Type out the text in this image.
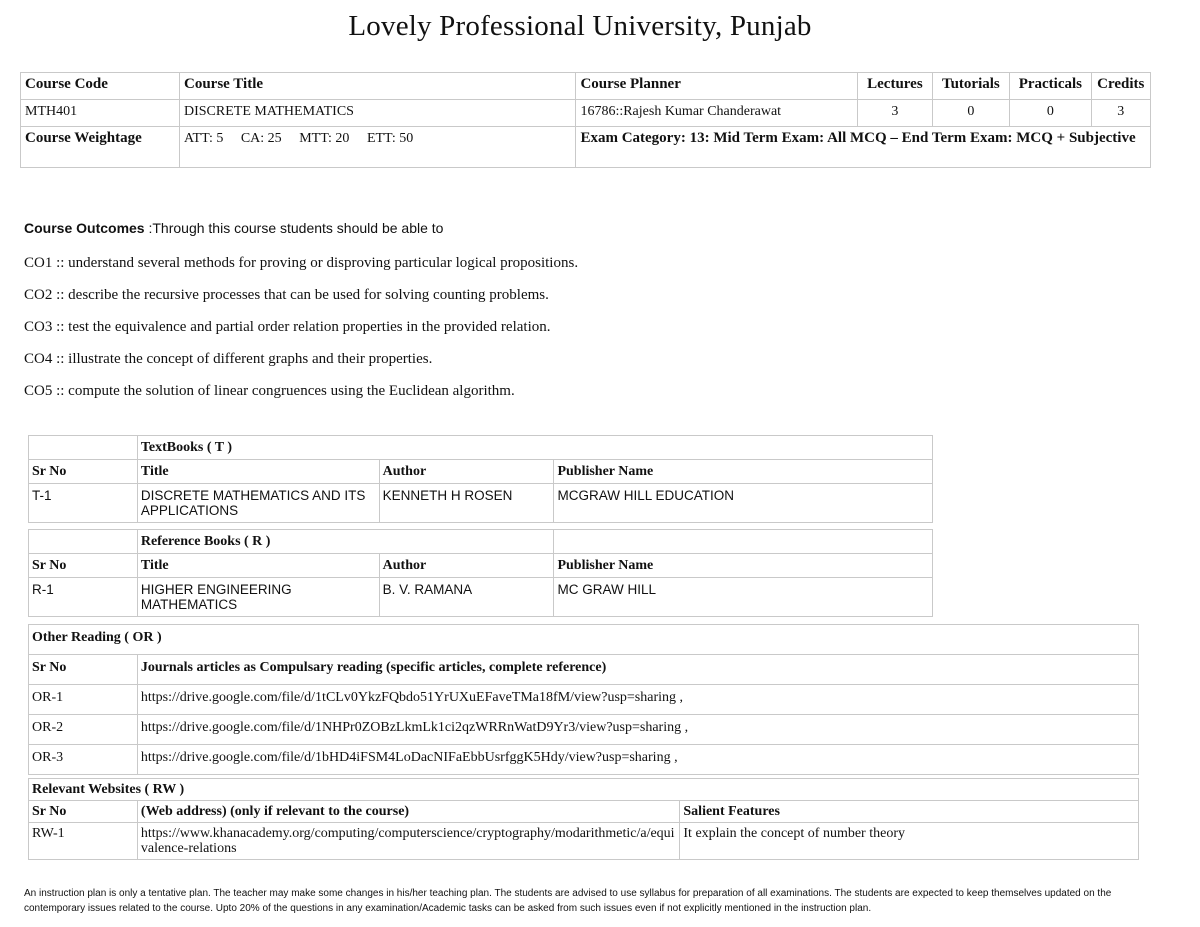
Lovely Professional University, Punjab
Course Code	Course Title	Course Planner	Lectures	Tutorials	Practicals	Credits
MTH401	DISCRETE MATHEMATICS	16786::Rajesh Kumar Chanderawat	3	0	0	3
Course Weightage	ATT: 5 CA: 25 MTT: 20 ETT: 50	Exam Category: 13: Mid Term Exam: All MCQ – End Term Exam: MCQ + Subjective				
Course Outcomes :Through this course students should be able to
CO1 :: understand several methods for proving or disproving particular logical propositions.
CO2 :: describe the recursive processes that can be used for solving counting problems.
CO3 :: test the equivalence and partial order relation properties in the provided relation.
CO4 :: illustrate the concept of different graphs and their properties.
CO5 :: compute the solution of linear congruences using the Euclidean algorithm.
	TextBooks ( T )		
Sr No	Title	Author	Publisher Name
T-1	DISCRETE MATHEMATICS AND ITS APPLICATIONS	KENNETH H ROSEN	MCGRAW HILL EDUCATION
	Reference Books ( R )		
Sr No	Title	Author	Publisher Name
R-1	HIGHER ENGINEERING MATHEMATICS	B. V. RAMANA	MC GRAW HILL
Other Reading ( OR )	
Sr No	Journals articles as Compulsary reading (specific articles, complete reference)
OR-1	https://drive.google.com/file/d/1tCLv0YkzFQbdo51YrUXuEFaveTMa18fM/view?usp=sharing ,
OR-2	https://drive.google.com/file/d/1NHPr0ZOBzLkmLk1ci2qzWRRnWatD9Yr3/view?usp=sharing ,
OR-3	https://drive.google.com/file/d/1bHD4iFSM4LoDacNIFaEbbUsrfggK5Hdy/view?usp=sharing ,
Relevant Websites ( RW )		
Sr No	(Web address) (only if relevant to the course)	Salient Features
RW-1	https://www.khanacademy.org/computing/computerscience/cryptography/modarithmetic/a/equivalence-relations	It explain the concept of number theory
An instruction plan is only a tentative plan. The teacher may make some changes in his/her teaching plan. The students are advised to use syllabus for preparation of all examinations. The students are expected to keep themselves updated on the contemporary issues related to the course. Upto 20% of the questions in any examination/Academic tasks can be asked from such issues even if not explicitly mentioned in the instruction plan.
